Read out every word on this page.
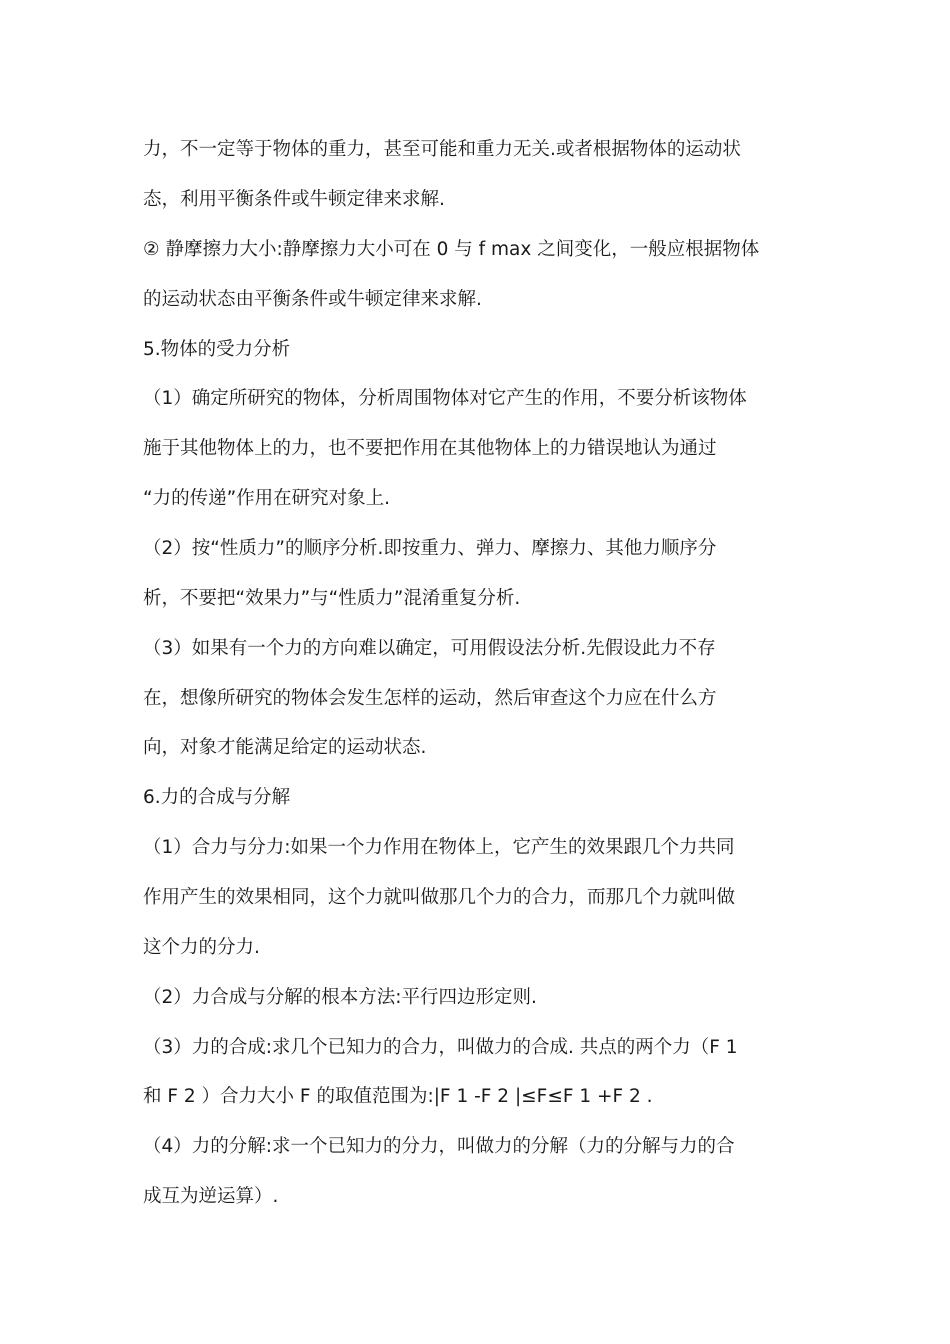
力，不一定等于物体的重力，甚至可能和重力无关.或者根据物体的运动状
态，利用平衡条件或牛顿定律来求解.
② 静摩擦力大小:静摩擦力大小可在 0 与 f max 之间变化，一般应根据物体
的运动状态由平衡条件或牛顿定律来求解.
5.物体的受力分析
（1）确定所研究的物体，分析周围物体对它产生的作用，不要分析该物体
施于其他物体上的力，也不要把作用在其他物体上的力错误地认为通过
“力的传递”作用在研究对象上.
（2）按“性质力”的顺序分析.即按重力、弹力、摩擦力、其他力顺序分
析，不要把“效果力”与“性质力”混淆重复分析.
（3）如果有一个力的方向难以确定，可用假设法分析.先假设此力不存
在，想像所研究的物体会发生怎样的运动，然后审查这个力应在什么方
向，对象才能满足给定的运动状态.
6.力的合成与分解
（1）合力与分力:如果一个力作用在物体上，它产生的效果跟几个力共同
作用产生的效果相同，这个力就叫做那几个力的合力，而那几个力就叫做
这个力的分力.
（2）力合成与分解的根本方法:平行四边形定则.
（3）力的合成:求几个已知力的合力，叫做力的合成. 共点的两个力（F 1
和 F 2 ）合力大小 F 的取值范围为:|F 1 -F 2 |≤F≤F 1 +F 2 .
（4）力的分解:求一个已知力的分力，叫做力的分解（力的分解与力的合
成互为逆运算）.
